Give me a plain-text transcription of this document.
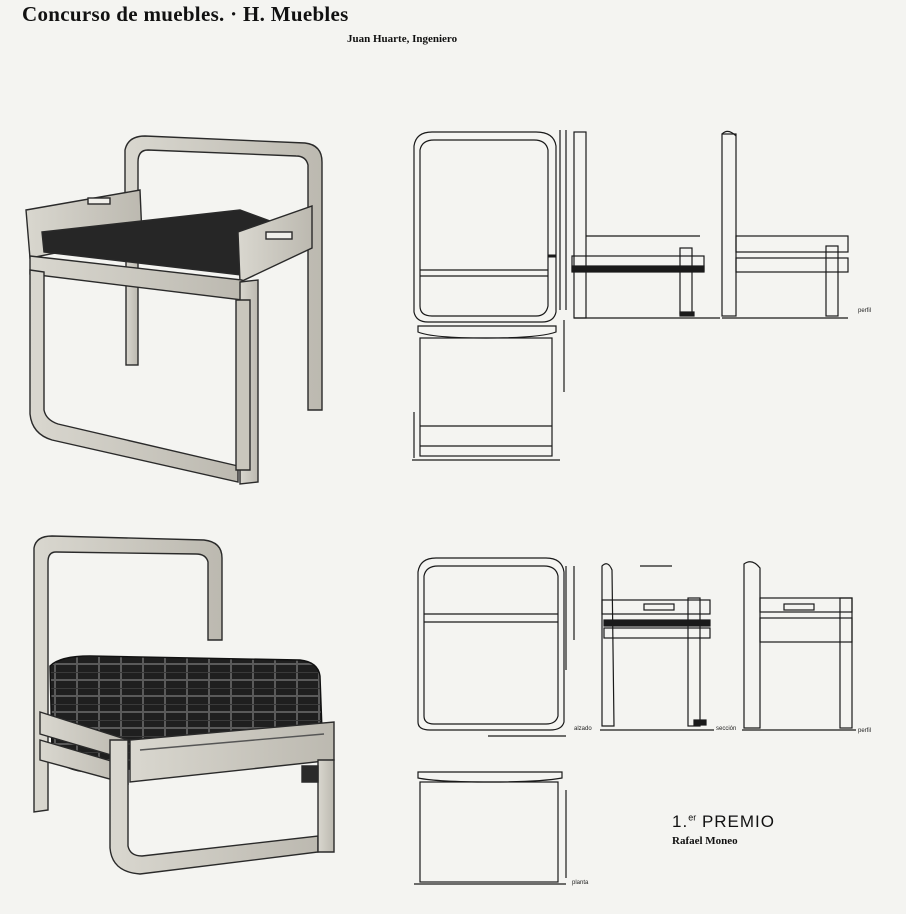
Concurso de muebles. · H. Muebles
Juan Huarte, Ingeniero
perfil
alzado	sección	perfil
planta
1.$^{er}$ PREMIO
Rafael Moneo
